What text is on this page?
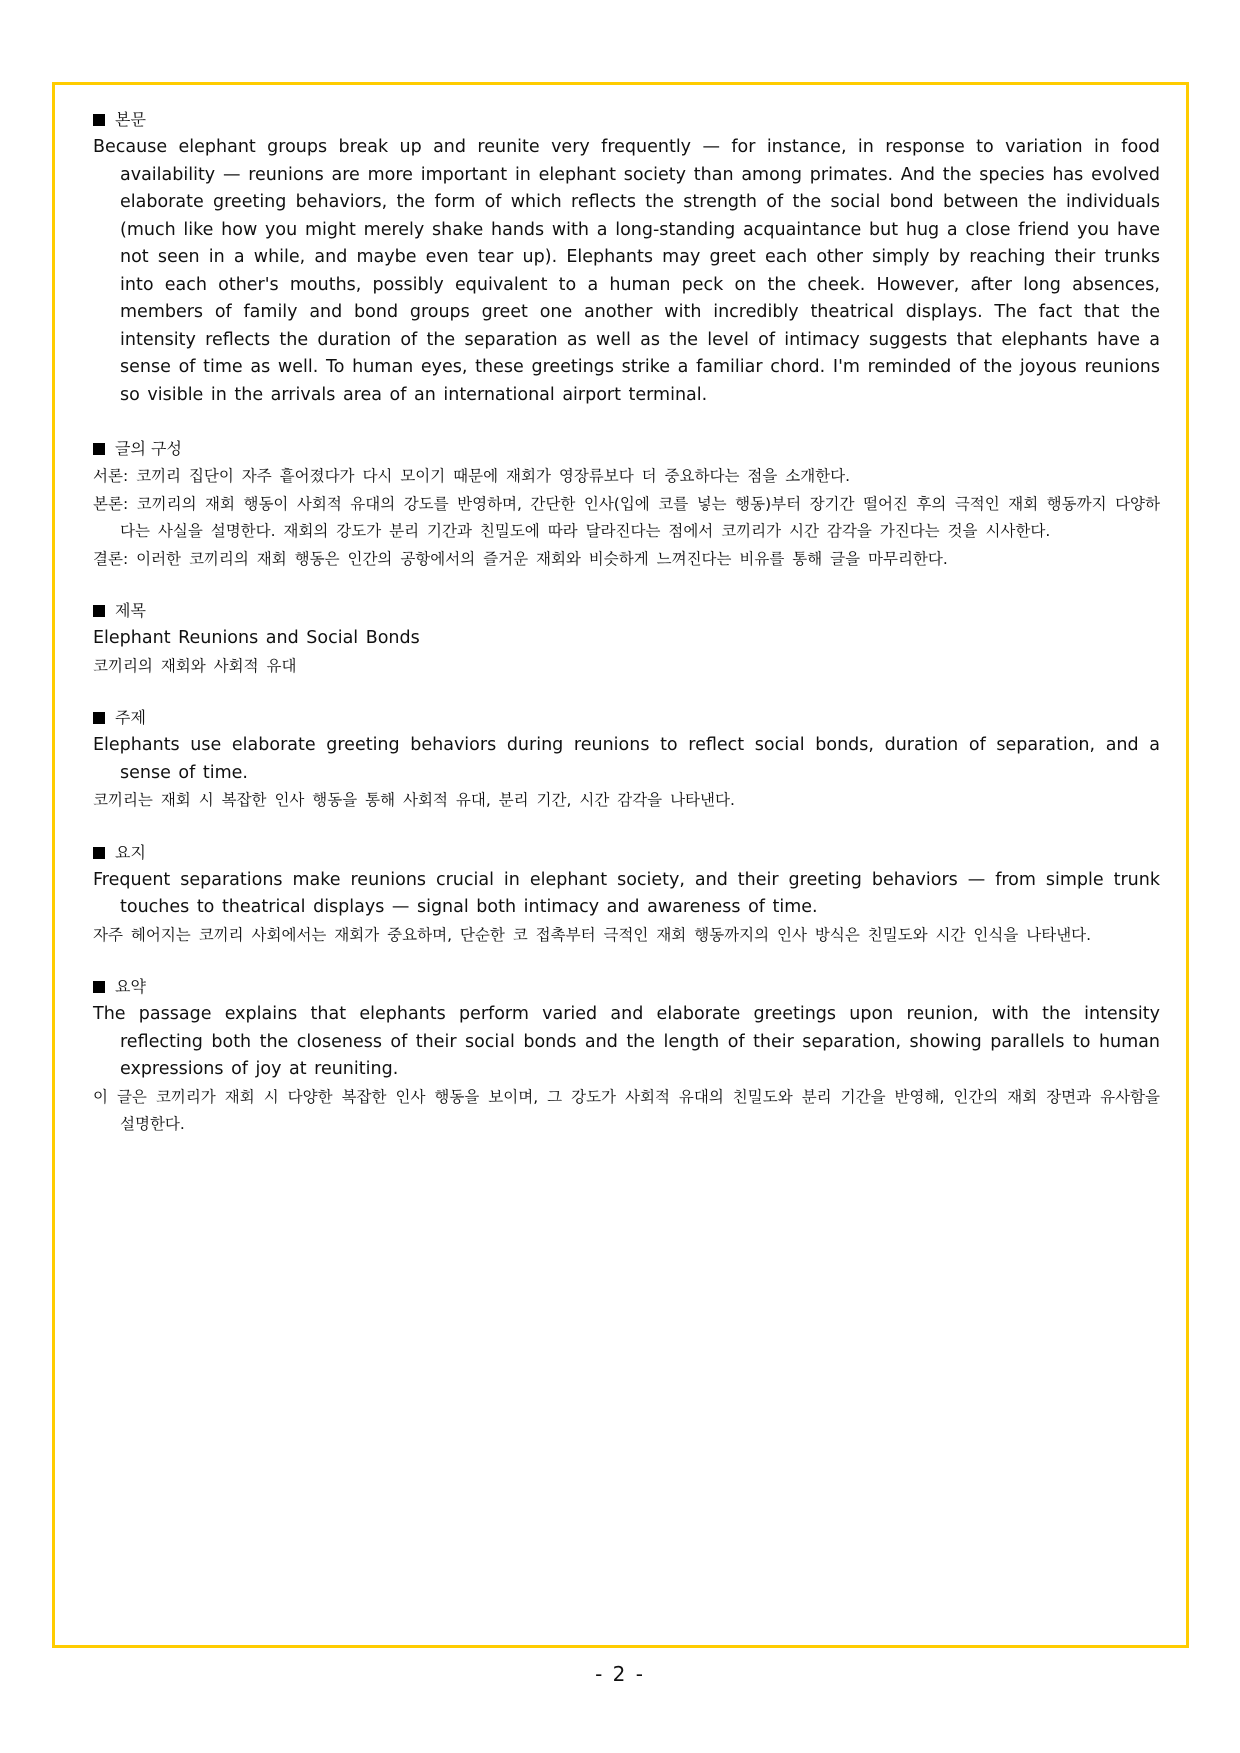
본문
Because elephant groups break up and reunite very frequently — for instance, in response to variation in food availability — reunions are more important in elephant society than among primates. And the species has evolved elaborate greeting behaviors, the form of which reflects the strength of the social bond between the individuals (much like how you might merely shake hands with a long-standing acquaintance but hug a close friend you have not seen in a while, and maybe even tear up). Elephants may greet each other simply by reaching their trunks into each other's mouths, possibly equivalent to a human peck on the cheek. However, after long absences, members of family and bond groups greet one another with incredibly theatrical displays. The fact that the intensity reflects the duration of the separation as well as the level of intimacy suggests that elephants have a sense of time as well. To human eyes, these greetings strike a familiar chord. I'm reminded of the joyous reunions so visible in the arrivals area of an international airport terminal.
글의 구성
서론: 코끼리 집단이 자주 흩어졌다가 다시 모이기 때문에 재회가 영장류보다 더 중요하다는 점을 소개한다.
본론: 코끼리의 재회 행동이 사회적 유대의 강도를 반영하며, 간단한 인사(입에 코를 넣는 행동)부터 장기간 떨어진 후의 극적인 재회 행동까지 다양하다는 사실을 설명한다. 재회의 강도가 분리 기간과 친밀도에 따라 달라진다는 점에서 코끼리가 시간 감각을 가진다는 것을 시사한다.
결론: 이러한 코끼리의 재회 행동은 인간의 공항에서의 즐거운 재회와 비슷하게 느껴진다는 비유를 통해 글을 마무리한다.
제목
Elephant Reunions and Social Bonds
코끼리의 재회와 사회적 유대
주제
Elephants use elaborate greeting behaviors during reunions to reflect social bonds, duration of separation, and a sense of time.
코끼리는 재회 시 복잡한 인사 행동을 통해 사회적 유대, 분리 기간, 시간 감각을 나타낸다.
요지
Frequent separations make reunions crucial in elephant society, and their greeting behaviors — from simple trunk touches to theatrical displays — signal both intimacy and awareness of time.
자주 헤어지는 코끼리 사회에서는 재회가 중요하며, 단순한 코 접촉부터 극적인 재회 행동까지의 인사 방식은 친밀도와 시간 인식을 나타낸다.
요약
The passage explains that elephants perform varied and elaborate greetings upon reunion, with the intensity reflecting both the closeness of their social bonds and the length of their separation, showing parallels to human expressions of joy at reuniting.
이 글은 코끼리가 재회 시 다양한 복잡한 인사 행동을 보이며, 그 강도가 사회적 유대의 친밀도와 분리 기간을 반영해, 인간의 재회 장면과 유사함을 설명한다.
- 2 -
